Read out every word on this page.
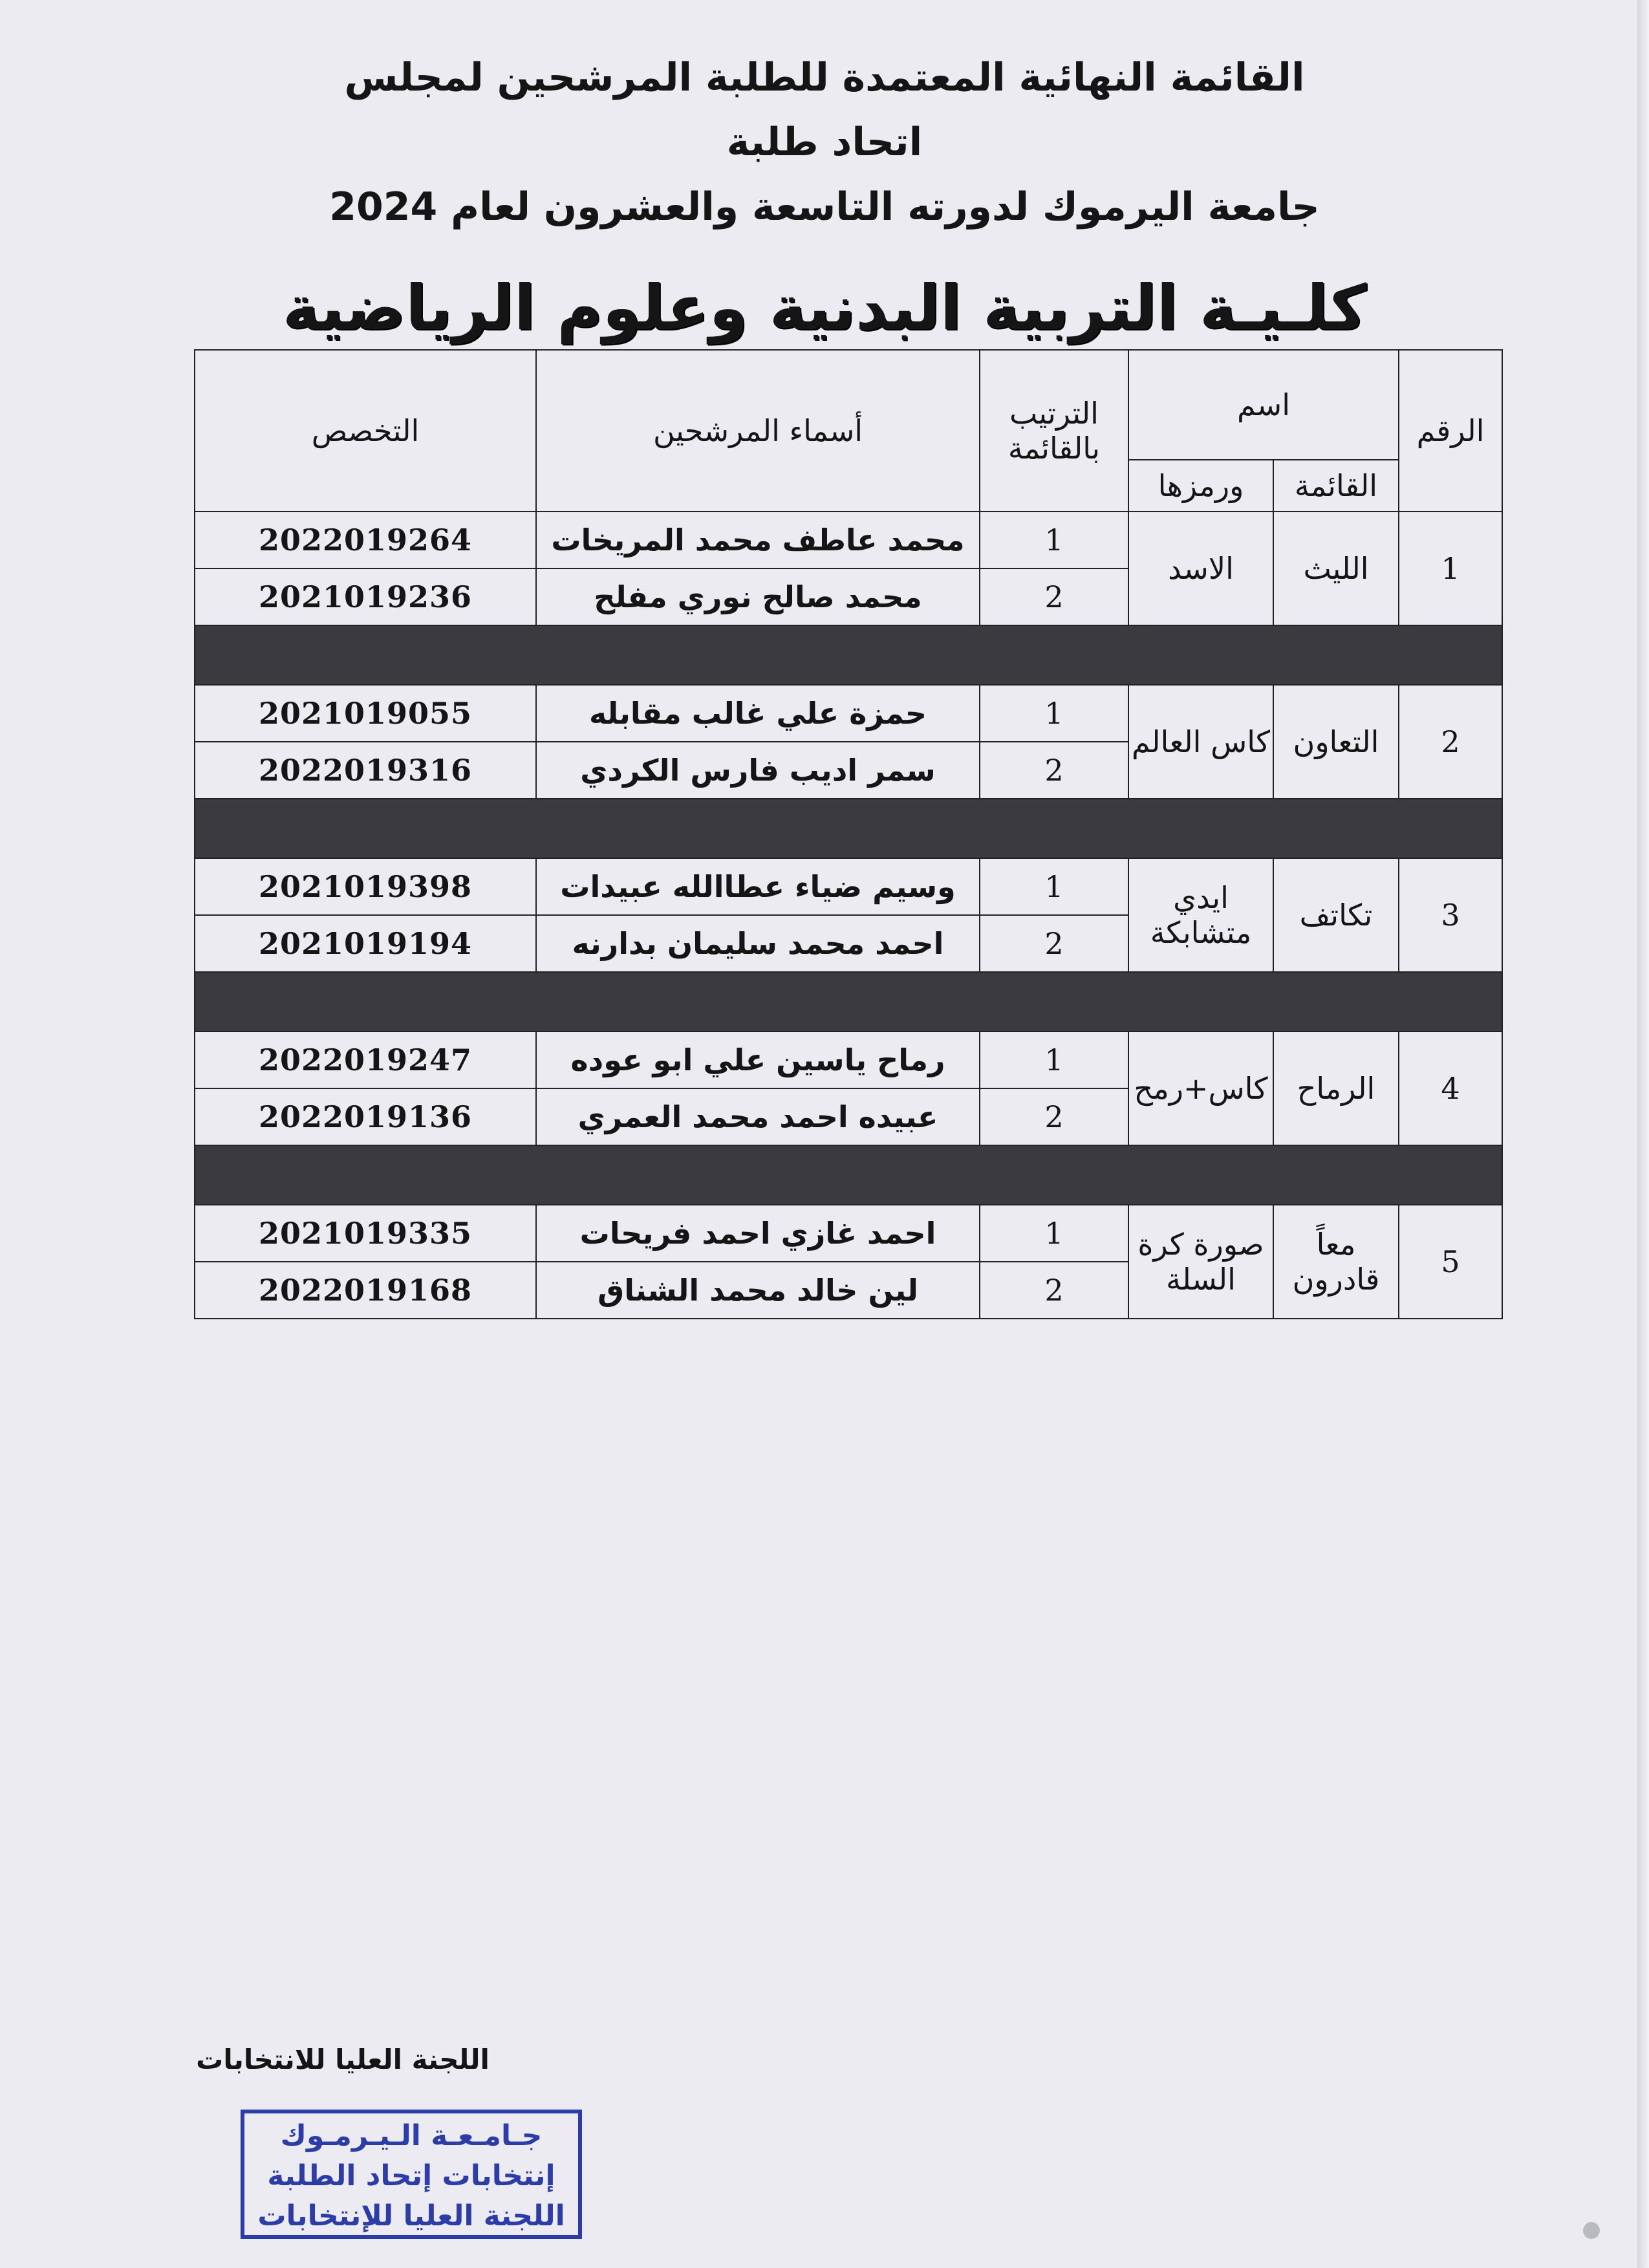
القائمة النهائية المعتمدة للطلبة المرشحين لمجلس اتحاد طلبة
جامعة اليرموك لدورته التاسعة والعشرون لعام 2024
كلـيـة التربية البدنية وعلوم الرياضية
الرقم	اسم		الترتيب بالقائمة	أسماء المرشحين	التخصص
	القائمة	ورمزها			
1	الليث	الاسد	1	محمد عاطف محمد المريخات	2022019264
			2	محمد صالح نوري مفلح	2021019236

2	التعاون	كاس العالم	1	حمزة علي غالب مقابله	2021019055
			2	سمر اديب فارس الكردي	2022019316

3	تكاتف	ايدي متشابكة	1	وسيم ضياء عطاالله عبيدات	2021019398
			2	احمد محمد سليمان بدارنه	2021019194

4	الرماح	كاس+رمح	1	رماح ياسين علي ابو عوده	2022019247
			2	عبيده احمد محمد العمري	2022019136

5	معاً قادرون	صورة كرة السلة	1	احمد غازي احمد فريحات	2021019335
			2	لين خالد محمد الشناق	2022019168
اللجنة العليا للانتخابات
جـامـعـة الـيـرمـوك
إنتخابات إتحاد الطلبة
اللجنة العليا للإنتخابات
